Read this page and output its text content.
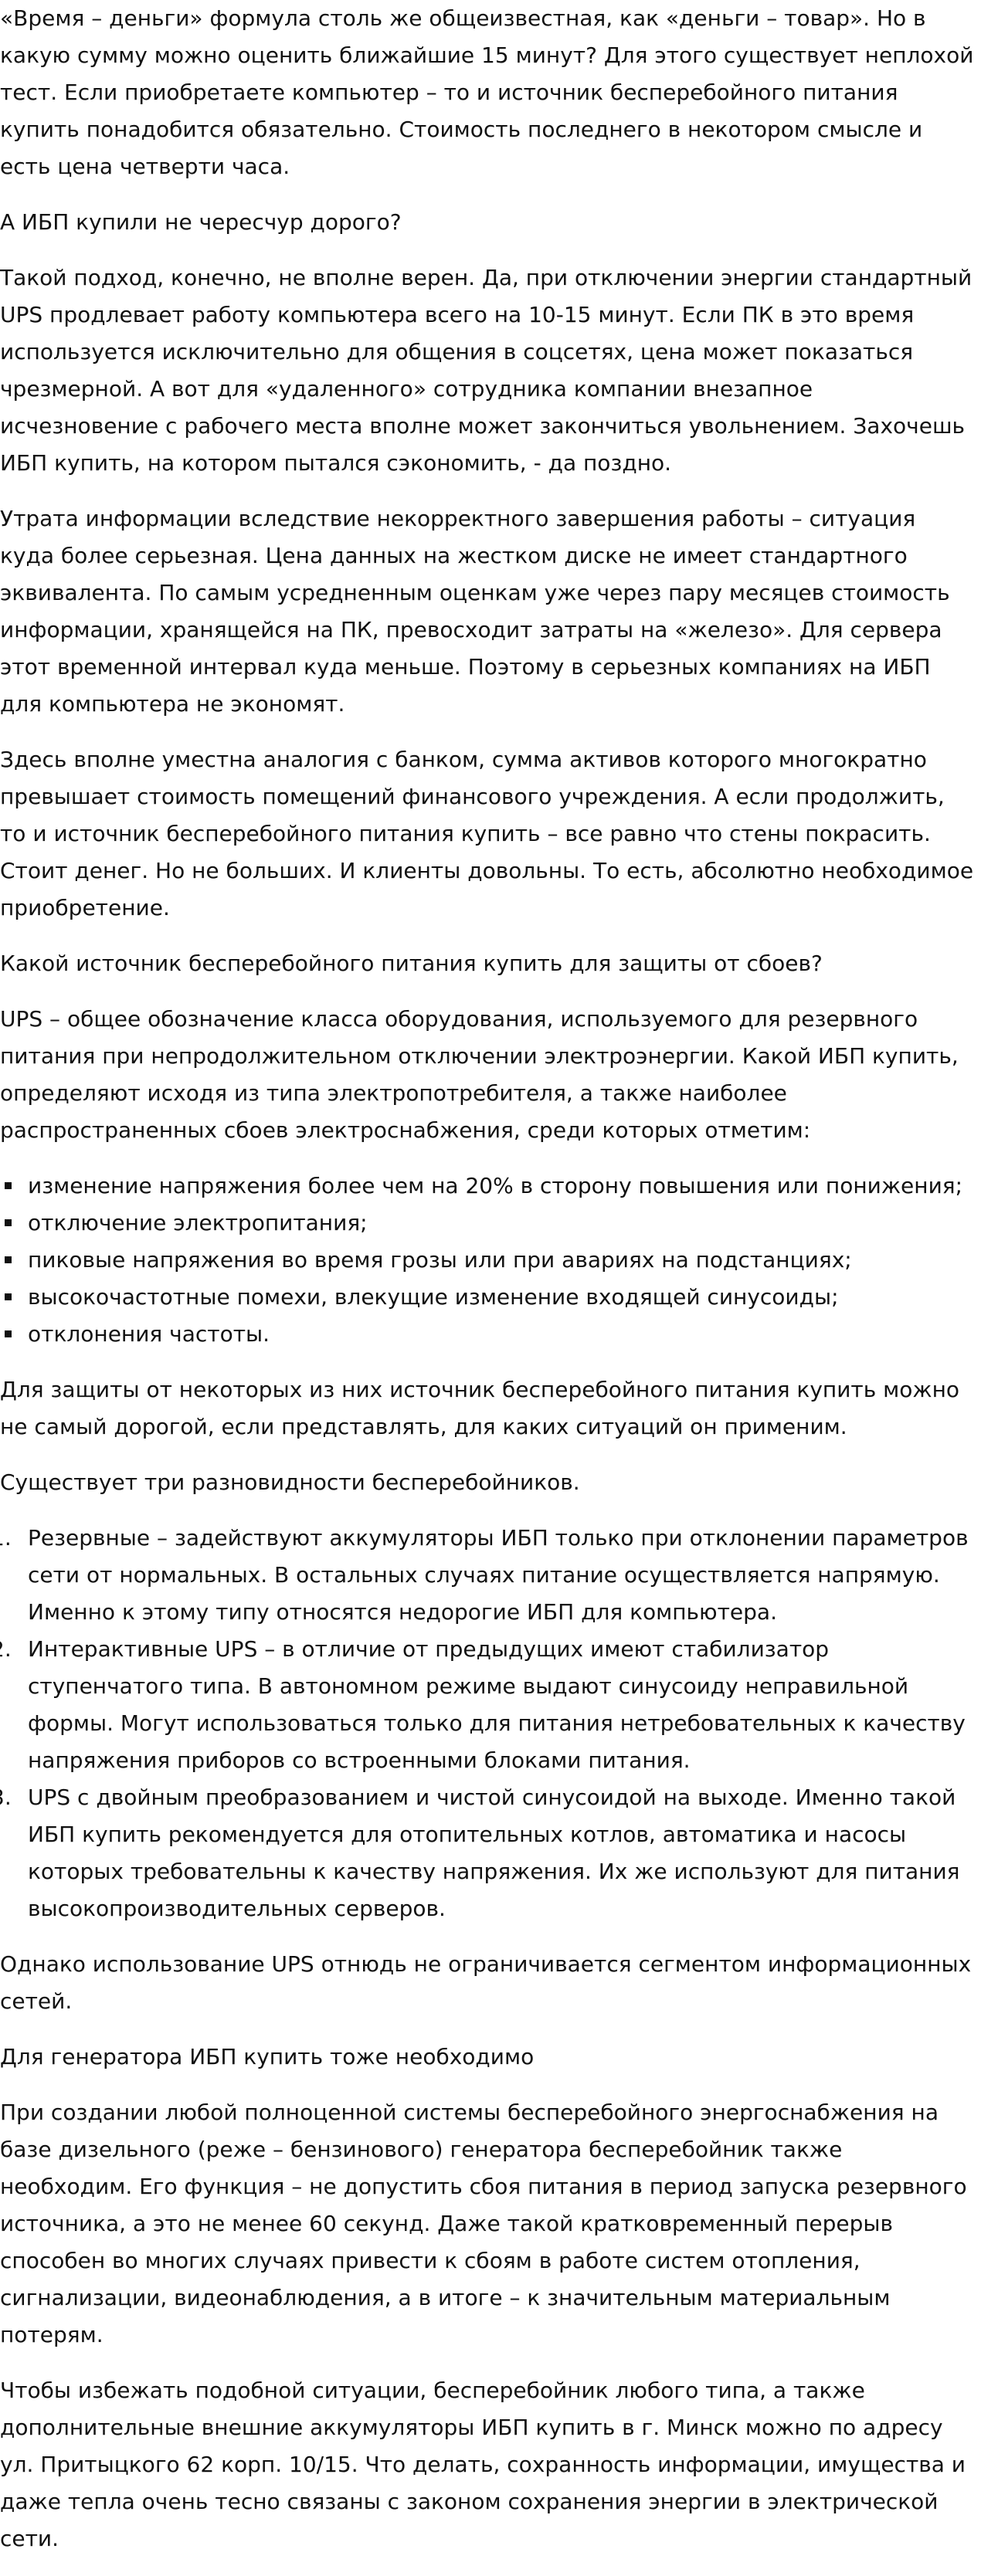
«Время – деньги» формула столь же общеизвестная, как «деньги – товар». Но в какую сумму можно оценить ближайшие 15 минут? Для этого существует неплохой тест. Если приобретаете компьютер – то и источник бесперебойного питания купить понадобится обязательно. Стоимость последнего в некотором смысле и есть цена четверти часа.

А ИБП купили не чересчур дорого?

Такой подход, конечно, не вполне верен. Да, при отключении энергии стандартный UPS продлевает работу компьютера всего на 10-15 минут. Если ПК в это время используется исключительно для общения в соцсетях, цена может показаться чрезмерной. А вот для «удаленного» сотрудника компании внезапное исчезновение с рабочего места вполне может закончиться увольнением. Захочешь ИБП купить, на котором пытался сэкономить, - да поздно.

Утрата информации вследствие некорректного завершения работы – ситуация куда более серьезная. Цена данных на жестком диске не имеет стандартного эквивалента. По самым усредненным оценкам уже через пару месяцев стоимость информации, хранящейся на ПК, превосходит затраты на «железо». Для сервера этот временной интервал куда меньше. Поэтому в серьезных компаниях на ИБП для компьютера не экономят.

Здесь вполне уместна аналогия с банком, сумма активов которого многократно превышает стоимость помещений финансового учреждения. А если продолжить, то и источник бесперебойного питания купить – все равно что стены покрасить. Стоит денег. Но не больших. И клиенты довольны. То есть, абсолютно необходимое приобретение.

Какой источник бесперебойного питания купить для защиты от сбоев?

UPS – общее обозначение класса оборудования, используемого для резервного питания при непродолжительном отключении электроэнергии. Какой ИБП купить, определяют исходя из типа электропотребителя, а также наиболее распространенных сбоев электроснабжения, среди которых отметим:

изменение напряжения более чем на 20% в сторону повышения или понижения;
отключение электропитания;
пиковые напряжения во время грозы или при авариях на подстанциях;
высокочастотные помехи, влекущие изменение входящей синусоиды;
отклонения частоты.

Для защиты от некоторых из них источник бесперебойного питания купить можно не самый дорогой, если представлять, для каких ситуаций он применим.

Существует три разновидности бесперебойников.

Резервные – задействуют аккумуляторы ИБП только при отклонении параметров сети от нормальных. В остальных случаях питание осуществляется напрямую. Именно к этому типу относятся недорогие ИБП для компьютера.
Интерактивные UPS – в отличие от предыдущих имеют стабилизатор ступенчатого типа. В автономном режиме выдают синусоиду неправильной формы. Могут использоваться только для питания нетребовательных к качеству напряжения приборов со встроенными блоками питания.
UPS с двойным преобразованием и чистой синусоидой на выходе. Именно такой ИБП купить рекомендуется для отопительных котлов, автоматика и насосы которых требовательны к качеству напряжения. Их же используют для питания высокопроизводительных серверов.

Однако использование UPS отнюдь не ограничивается сегментом информационных сетей.

Для генератора ИБП купить тоже необходимо

При создании любой полноценной системы бесперебойного энергоснабжения на базе дизельного (реже – бензинового) генератора бесперебойник также необходим. Его функция – не допустить сбоя питания в период запуска резервного источника, а это не менее 60 секунд. Даже такой кратковременный перерыв способен во многих случаях привести к сбоям в работе систем отопления, сигнализации, видеонаблюдения, а в итоге – к значительным материальным потерям.

Чтобы избежать подобной ситуации, бесперебойник любого типа, а также дополнительные внешние аккумуляторы ИБП купить в г. Минск можно по адресу ул. Притыцкого 62 корп. 10/15. Что делать, сохранность информации, имущества и даже тепла очень тесно связаны с законом сохранения энергии в электрической сети.
